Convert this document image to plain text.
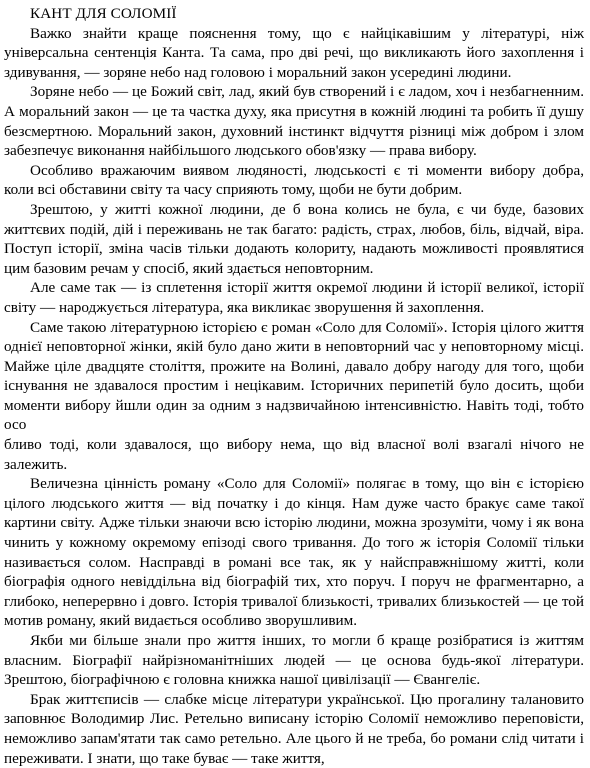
КАНТ ДЛЯ СОЛОМІЇ

Важко знайти краще пояснення тому, що є найцікавішим у літературі, ніж універсальна сентенція Канта. Та сама, про дві речі, що викликають його захоплення і здивування, — зоряне небо над головою і моральний закон усередині людини.

Зоряне небо — це Божий світ, лад, який був створений і є ладом, хоч і незбагненним. А моральний закон — це та частка духу, яка присутня в кожній людині та робить її душу безсмертною. Моральний закон, духовний інстинкт відчуття різниці між добром і злом забезпечує виконання найбільшого людського обов'язку — права вибору.

Особливо вражаючим виявом людяності, людськості є ті моменти вибору добра, коли всі обставини світу та часу сприяють тому, щоби не бути добрим.

Зрештою, у житті кожної людини, де б вона колись не була, є чи буде, базових життєвих подій, дій і переживань не так багато: радість, страх, любов, біль, відчай, віра. Поступ історії, зміна часів тільки додають колориту, надають можливості проявлятися цим базовим речам у спосіб, який здається неповторним.

Але саме так — із сплетення історії життя окремої людини й історії великої, історії світу — народжується література, яка викликає зворушення й захоплення.

Саме такою літературною історією є роман «Соло для Соломії». Історія цілого життя однієї неповторної жінки, якій було дано жити в неповторний час у неповторному місці. Майже ціле двадцяте століття, прожите на Волині, давало добру нагоду для того, щоби існування не здавалося простим і нецікавим. Історичних перипетій було досить, щоби моменти вибору йшли один за одним з надзвичайною інтенсивністю. Навіть тоді, тобто осо

бливо тоді, коли здавалося, що вибору нема, що від власної волі взагалі нічого не залежить.

Величезна цінність роману «Соло для Соломії» полягає в тому, що він є історією цілого людського життя — від початку і до кінця. Нам дуже часто бракує саме такої картини світу. Адже тільки знаючи всю історію людини, можна зрозуміти, чому і як вона чинить у кожному окремому епізоді свого тривання. До того ж історія Соломії тільки називається солом. Насправді в романі все так, як у найсправжнішому житті, коли біографія одного невіддільна від біографій тих, хто поруч. І поруч не фрагментарно, а глибоко, неперервно і довго. Історія тривалої близькості, тривалих близькостей — це той мотив роману, який видається особливо зворушливим.

Якби ми більше знали про життя інших, то могли б краще розібратися із життям власним. Біографії найрізноманітніших людей — це основа будь-якої літератури. Зрештою, біографічною є головна книжка нашої цивілізації — Євангеліє.

Брак життєписів — слабке місце літератури української. Цю прогалину талановито заповнює Володимир Лис. Ретельно виписану історію Соломії неможливо переповісти, неможливо запам'ятати так само ретельно. Але цього й не треба, бо романи слід читати і переживати. І знати, що таке буває — таке життя,
